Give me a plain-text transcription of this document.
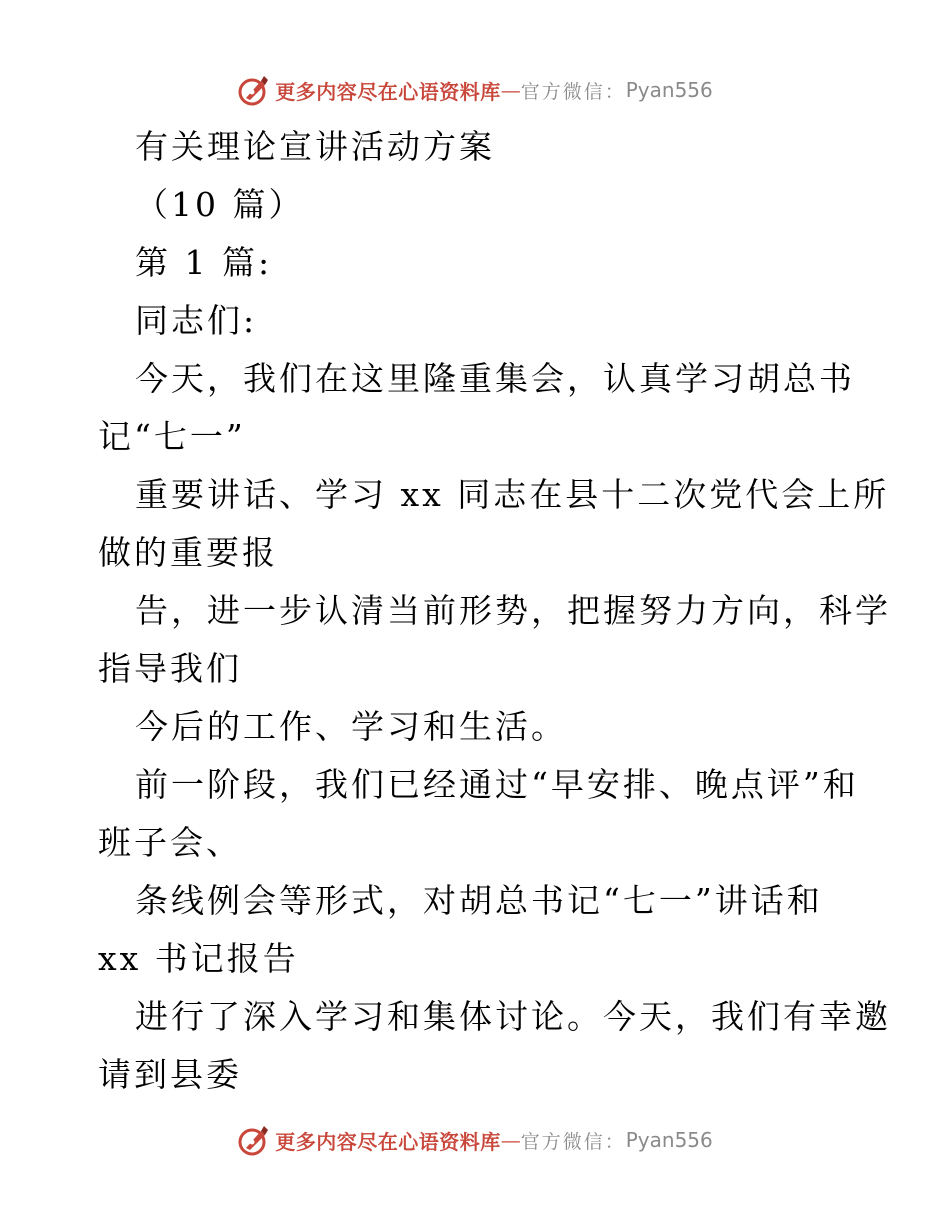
更多内容尽在心语资料库 — 官方微信： Pyan556

有关理论宣讲活动方案

（10 篇）

第 1 篇:

同志们:

今天，我们在这里隆重集会，认真学习胡总书

记“七一”

重要讲话、学习 xx 同志在县十二次党代会上所

做的重要报

告，进一步认清当前形势，把握努力方向，科学

指导我们

今后的工作、学习和生活。

前一阶段，我们已经通过“早安排、晚点评”和

班子会、

条线例会等形式，对胡总书记“七一”讲话和

xx 书记报告

进行了深入学习和集体讨论。今天，我们有幸邀

请到县委

更多内容尽在心语资料库 — 官方微信： Pyan556
